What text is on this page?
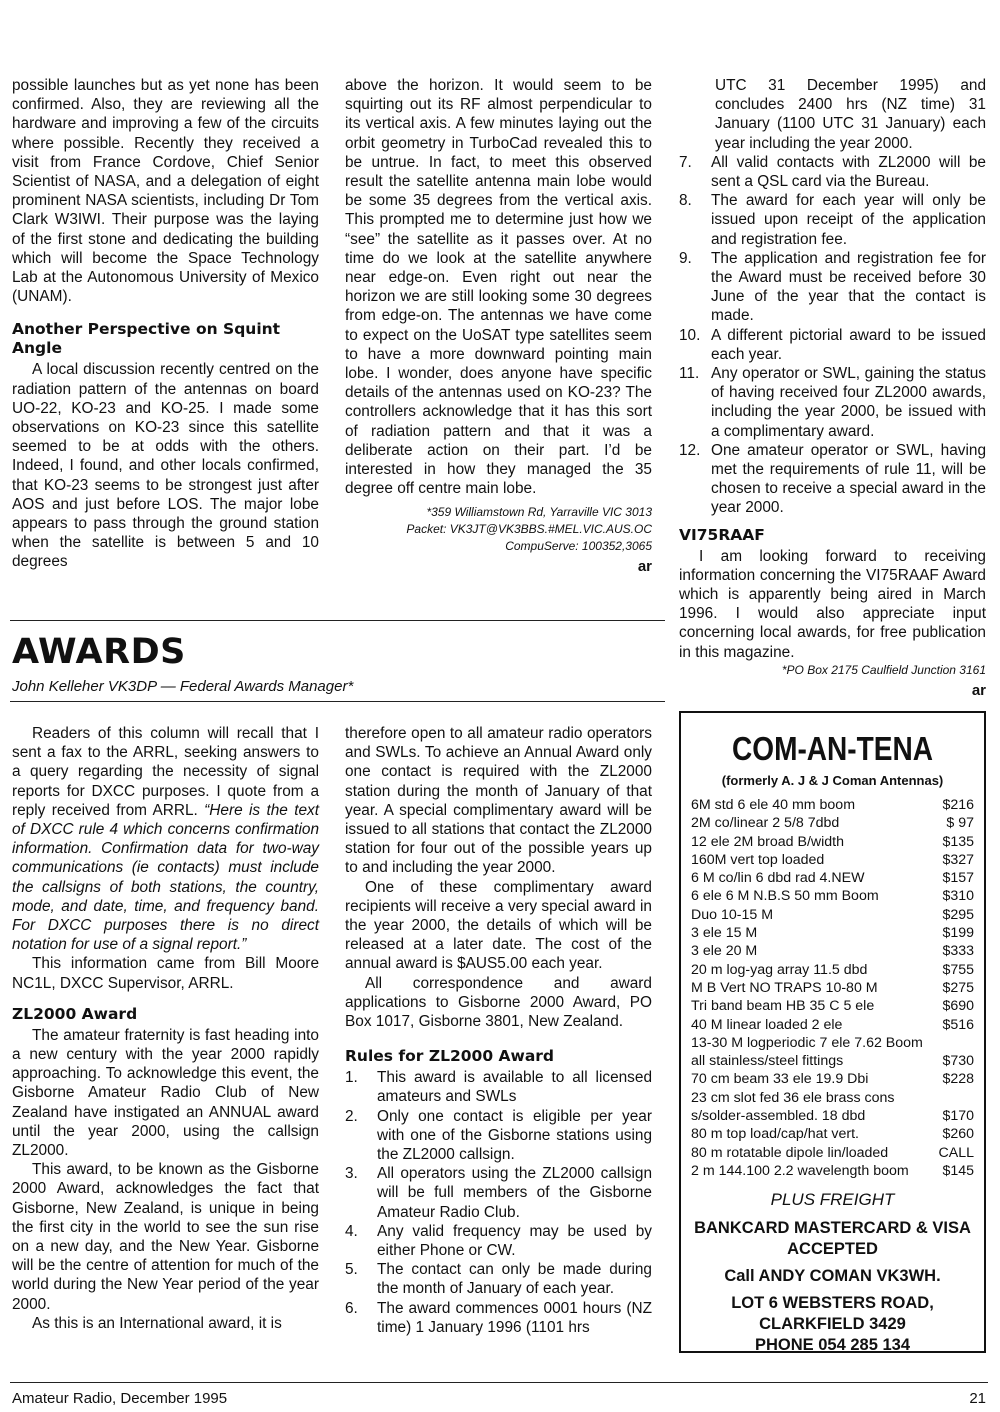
possible launches but as yet none has been confirmed. Also, they are reviewing all the hardware and improving a few of the circuits where possible. Recently they received a visit from France Cordove, Chief Senior Scientist of NASA, and a delegation of eight prominent NASA scientists, including Dr Tom Clark W3IWI. Their purpose was the laying of the first stone and dedicating the building which will become the Space Technology Lab at the Autonomous University of Mexico (UNAM).

Another Perspective on Squint Angle

A local discussion recently centred on the radiation pattern of the antennas on board UO-22, KO-23 and KO-25. I made some observations on KO-23 since this satellite seemed to be at odds with the others. Indeed, I found, and other locals confirmed, that KO-23 seems to be strongest just after AOS and just before LOS. The major lobe appears to pass through the ground station when the satellite is between 5 and 10 degrees

above the horizon. It would seem to be squirting out its RF almost perpendicular to its vertical axis. A few minutes laying out the orbit geometry in TurboCad revealed this to be untrue. In fact, to meet this observed result the satellite antenna main lobe would be some 35 degrees from the vertical axis. This prompted me to determine just how we “see” the satellite as it passes over. At no time do we look at the satellite anywhere near edge-on. Even right out near the horizon we are still looking some 30 degrees from edge-on. The antennas we have come to expect on the UoSAT type satellites seem to have a more downward pointing main lobe. I wonder, does anyone have specific details of the antennas used on KO-23? The controllers acknowledge that it has this sort of radiation pattern and that it was a deliberate action on their part. I’d be interested in how they managed the 35 degree off centre main lobe.

*359 Williamstown Rd, Yarraville VIC 3013
Packet: VK3JT@VK3BBS.#MEL.VIC.AUS.OC
CompuServe: 100352,3065
ar

UTC 31 December 1995) and concludes 2400 hrs (NZ time) 31 January (1100 UTC 31 January) each year including the year 2000.

7. All valid contacts with ZL2000 will be sent a QSL card via the Bureau.
8. The award for each year will only be issued upon receipt of the application and registration fee.
9. The application and registration fee for the Award must be received before 30 June of the year that the contact is made.
10. A different pictorial award to be issued each year.
11. Any operator or SWL, gaining the status of having received four ZL2000 awards, including the year 2000, be issued with a complimentary award.
12. One amateur operator or SWL, having met the requirements of rule 11, will be chosen to receive a special award in the year 2000.
VI75RAAF

I am looking forward to receiving information concerning the VI75RAAF Award which is apparently being aired in March 1996. I would also appreciate input concerning local awards, for free publication in this magazine.

*PO Box 2175 Caulfield Junction 3161
ar
AWARDS

John Kelleher VK3DP — Federal Awards Manager*

Readers of this column will recall that I sent a fax to the ARRL, seeking answers to a query regarding the necessity of signal reports for DXCC purposes. I quote from a reply received from ARRL. “Here is the text of DXCC rule 4 which concerns confirmation information. Confirmation data for two-way communications (ie contacts) must include the callsigns of both stations, the country, mode, and date, time, and frequency band. For DXCC purposes there is no direct notation for use of a signal report.”

This information came from Bill Moore NC1L, DXCC Supervisor, ARRL.

ZL2000 Award

The amateur fraternity is fast heading into a new century with the year 2000 rapidly approaching. To acknowledge this event, the Gisborne Amateur Radio Club of New Zealand have instigated an ANNUAL award until the year 2000, using the callsign ZL2000.

This award, to be known as the Gisborne 2000 Award, acknowledges the fact that Gisborne, New Zealand, is unique in being the first city in the world to see the sun rise on a new day, and the New Year. Gisborne will be the centre of attention for much of the world during the New Year period of the year 2000.

As this is an International award, it is

therefore open to all amateur radio operators and SWLs. To achieve an Annual Award only one contact is required with the ZL2000 station during the month of January of that year. A special complimentary award will be issued to all stations that contact the ZL2000 station for four out of the possible years up to and including the year 2000.

One of these complimentary award recipients will receive a very special award in the year 2000, the details of which will be released at a later date. The cost of the annual award is $AUS5.00 each year.

All correspondence and award applications to Gisborne 2000 Award, PO Box 1017, Gisborne 3801, New Zealand.

Rules for ZL2000 Award
1. This award is available to all licensed amateurs and SWLs
2. Only one contact is eligible per year with one of the Gisborne stations using the ZL2000 callsign.
3. All operators using the ZL2000 callsign will be full members of the Gisborne Amateur Radio Club.
4. Any valid frequency may be used by either Phone or CW.
5. The contact can only be made during the month of January of each year.
6. The award commences 0001 hours (NZ time) 1 January 1996 (1101 hrs
COM-AN-TENA
(formerly A. J & J Coman Antennas)
6M std 6 ele 40 mm boom	$216
2M co/linear 2 5/8 7dbd	$ 97
12 ele 2M broad B/width	$135
160M vert top loaded	$327
6 M co/lin 6 dbd rad 4.NEW	$157
6 ele 6 M N.B.S 50 mm Boom	$310
Duo 10-15 M	$295
3 ele 15 M	$199
3 ele 20 M	$333
20 m log-yag array 11.5 dbd	$755
M B Vert NO TRAPS 10-80 M	$275
Tri band beam HB 35 C 5 ele	$690
40 M linear loaded 2 ele	$516
13-30 M logperiodic 7 ele 7.62 Boom
all stainless/steel fittings	$730
70 cm beam 33 ele 19.9 Dbi	$228
23 cm slot fed 36 ele brass cons
s/solder-assembled. 18 dbd	$170
80 m top load/cap/hat vert.	$260
80 m rotatable dipole lin/loaded	CALL
2 m 144.100 2.2 wavelength boom $145
PLUS FREIGHT
BANKCARD MASTERCARD & VISA ACCEPTED
Call ANDY COMAN VK3WH.
LOT 6 WEBSTERS ROAD, CLARKFIELD 3429
PHONE 054 285 134
Amateur Radio, December 1995	21
